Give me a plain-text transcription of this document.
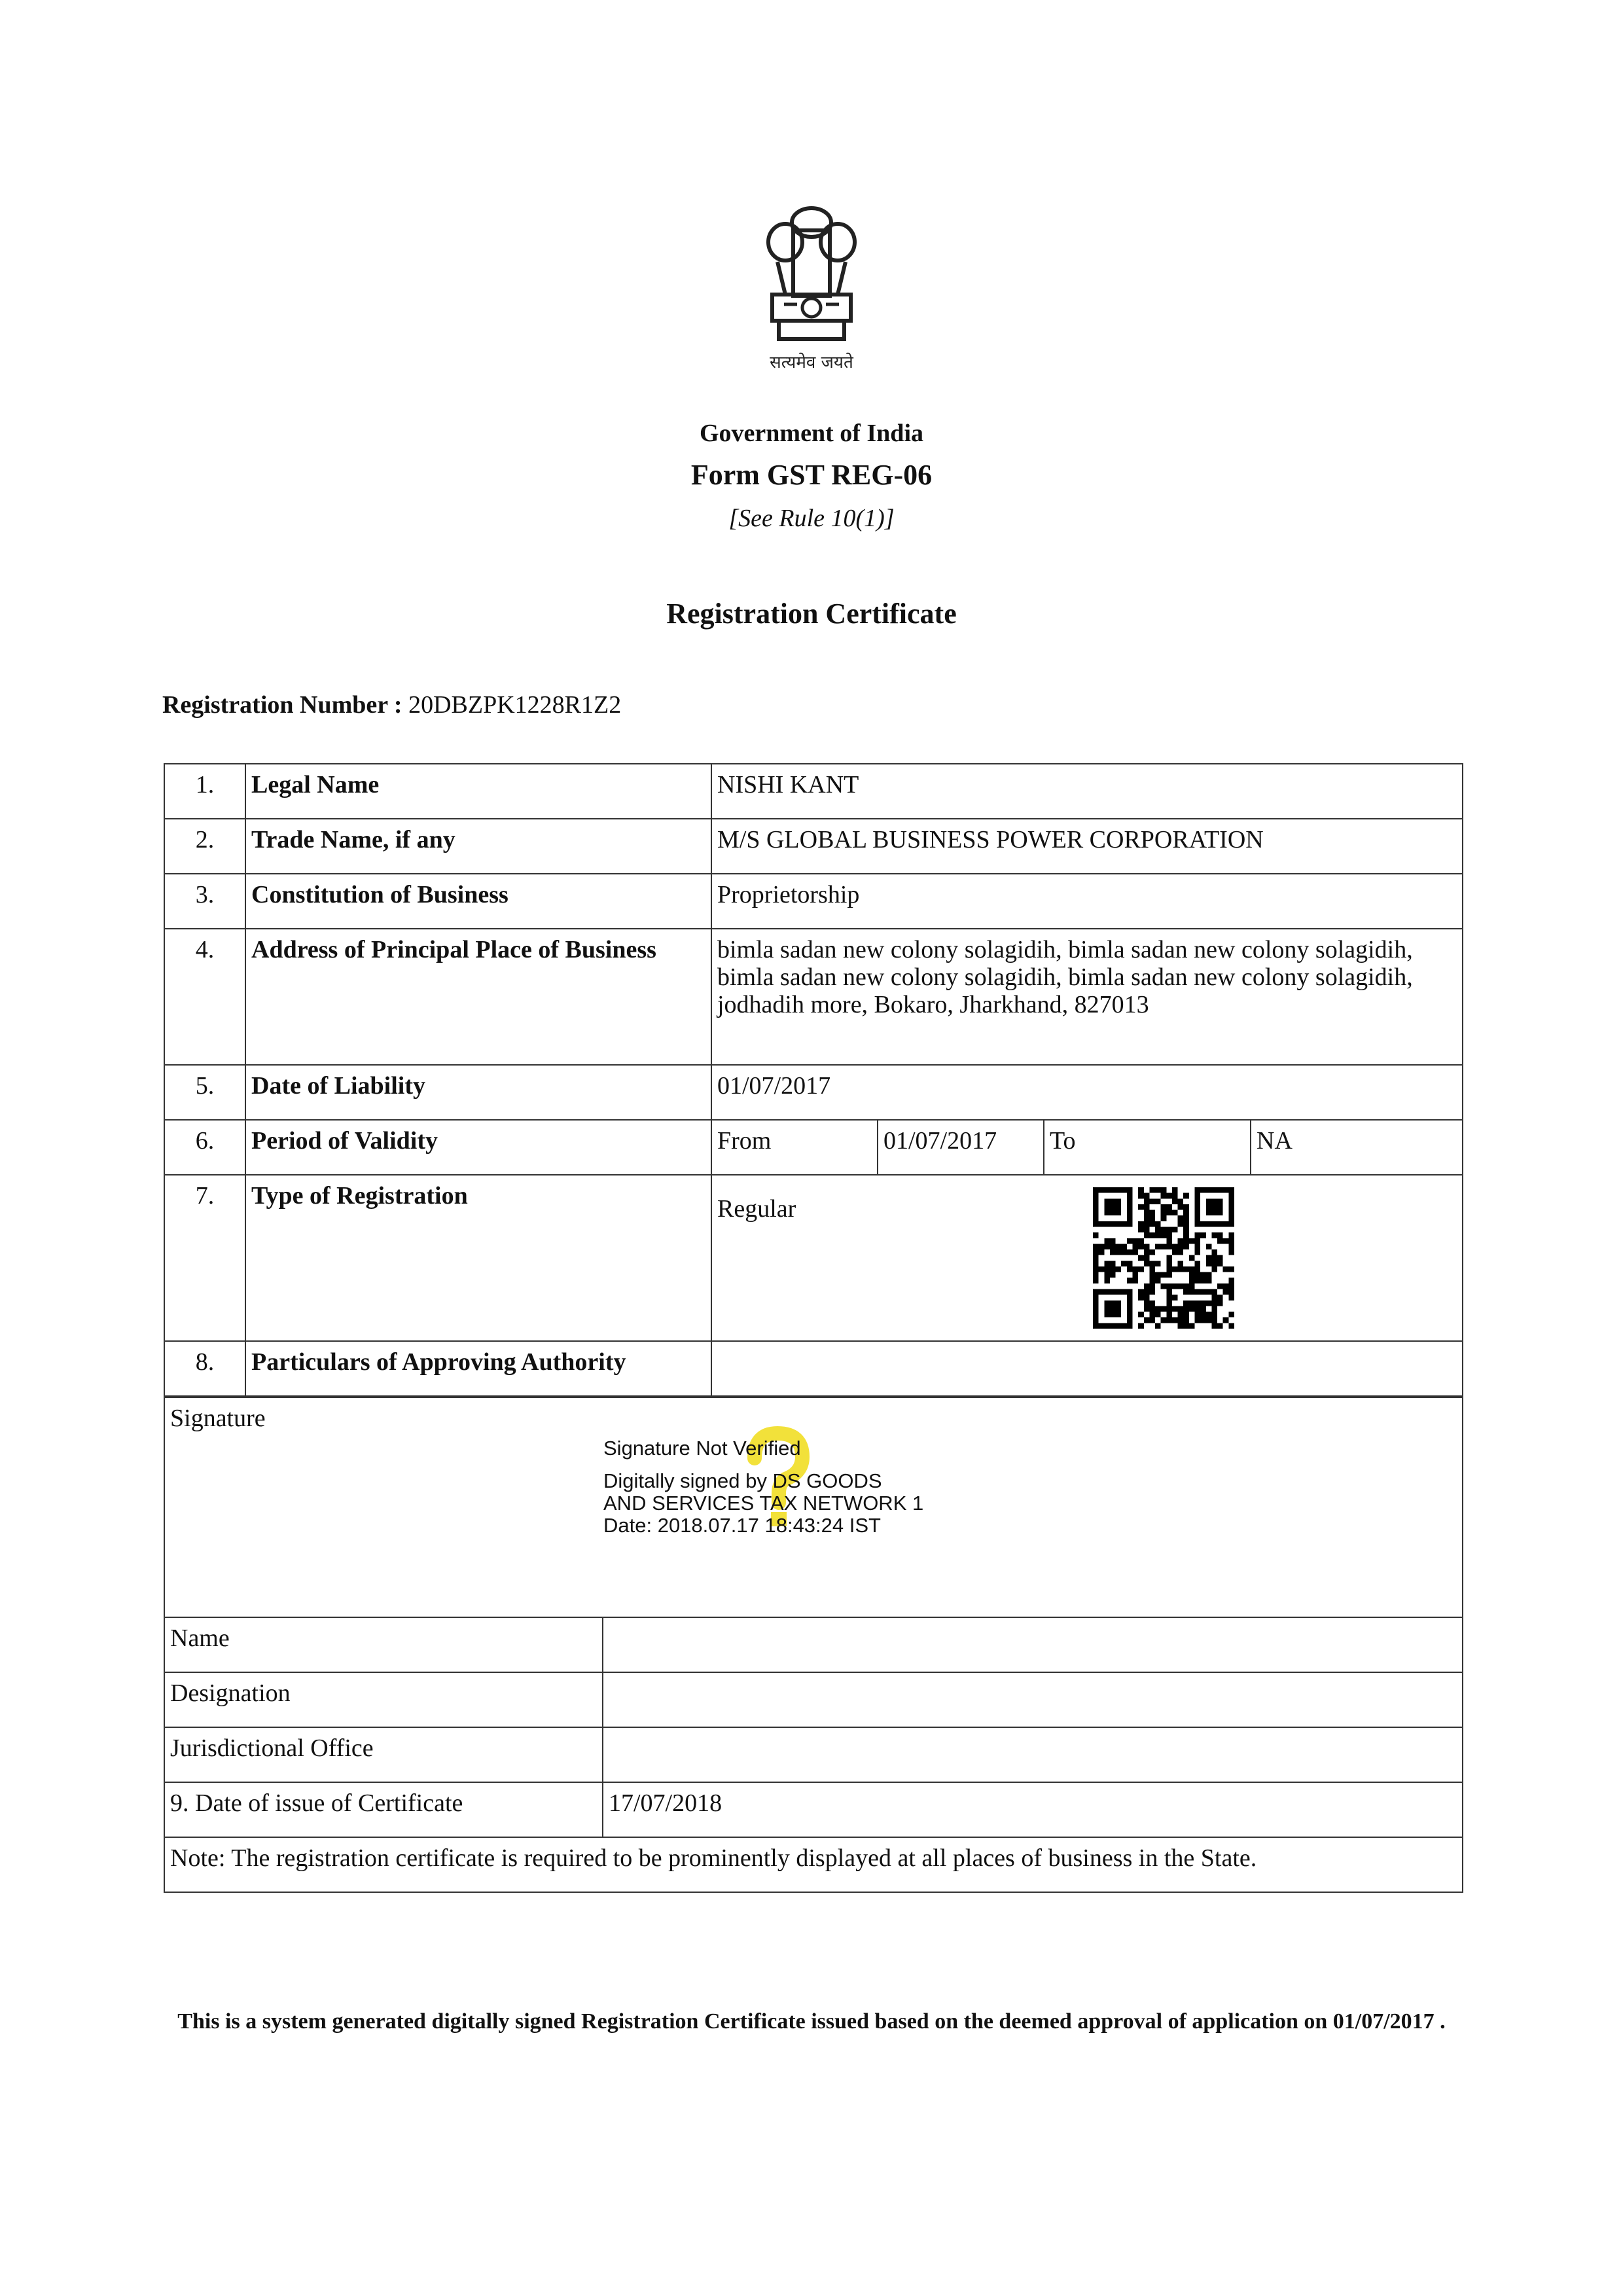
सत्यमेव जयते
Government of India
Form GST REG-06
[See Rule 10(1)]
Registration Certificate
Registration Number : 20DBZPK1228R1Z2
1.	Legal Name	NISHI KANT			
2.	Trade Name, if any	M/S GLOBAL BUSINESS POWER CORPORATION			
3.	Constitution of Business	Proprietorship			
4.	Address of Principal Place of Business	bimla sadan new colony solagidih, bimla sadan new colony solagidih, bimla sadan new colony solagidih, bimla sadan new colony solagidih, jodhadih more, Bokaro, Jharkhand, 827013			
5.	Date of Liability	01/07/2017			
6.	Period of Validity	From	01/07/2017	To	NA
7.	Type of Registration	Regular			

8.	Particulars of Approving Authority				
Signature	
Name	
Designation	
Jurisdictional Office	
9. Date of issue of Certificate	17/07/2018
Note: The registration certificate is required to be prominently displayed at all places of business in the State.	
Signature Not Verified
Digitally signed by DS GOODS
AND SERVICES TAX NETWORK 1
Date: 2018.07.17 18:43:24 IST
This is a system generated digitally signed Registration Certificate issued based on the deemed approval of application on 01/07/2017 .
